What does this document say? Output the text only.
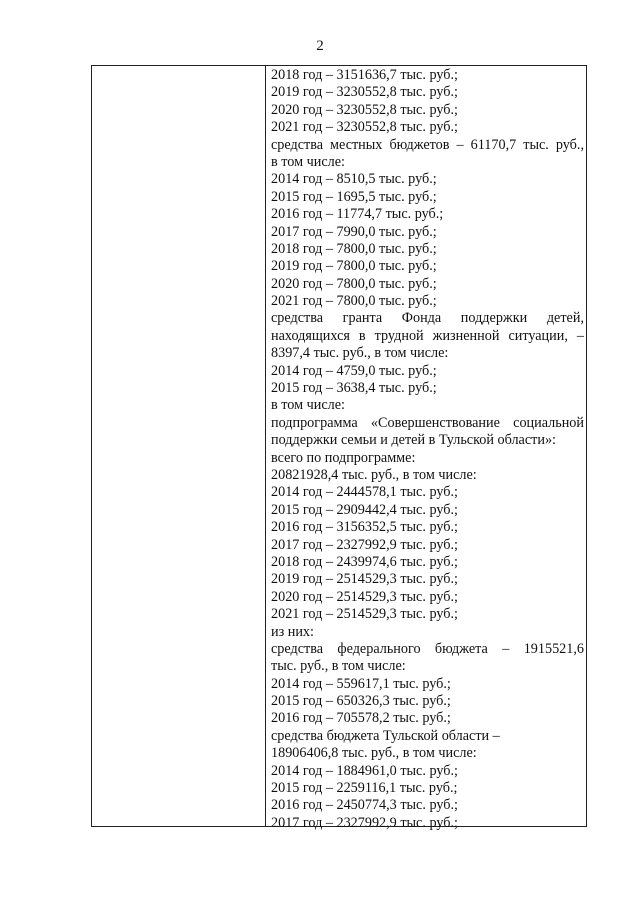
2
2018 год – 3151636,7 тыс. руб.;
2019 год – 3230552,8 тыс. руб.;
2020 год – 3230552,8 тыс. руб.;
2021 год – 3230552,8 тыс. руб.;
средства местных бюджетов – 61170,7 тыс. руб.,
в том числе:
2014 год – 8510,5 тыс. руб.;
2015 год – 1695,5 тыс. руб.;
2016 год – 11774,7 тыс. руб.;
2017 год – 7990,0 тыс. руб.;
2018 год – 7800,0 тыс. руб.;
2019 год – 7800,0 тыс. руб.;
2020 год – 7800,0 тыс. руб.;
2021 год – 7800,0 тыс. руб.;
средства гранта Фонда поддержки детей,
находящихся в трудной жизненной ситуации, –
8397,4 тыс. руб., в том числе:
2014 год – 4759,0 тыс. руб.;
2015 год – 3638,4 тыс. руб.;
в том числе:
подпрограмма «Совершенствование социальной
поддержки семьи и детей в Тульской области»:
всего по подпрограмме:
20821928,4 тыс. руб., в том числе:
2014 год – 2444578,1 тыс. руб.;
2015 год – 2909442,4 тыс. руб.;
2016 год – 3156352,5 тыс. руб.;
2017 год – 2327992,9 тыс. руб.;
2018 год – 2439974,6 тыс. руб.;
2019 год – 2514529,3 тыс. руб.;
2020 год – 2514529,3 тыс. руб.;
2021 год – 2514529,3 тыс. руб.;
из них:
средства федерального бюджета – 1915521,6
тыс. руб., в том числе:
2014 год – 559617,1 тыс. руб.;
2015 год – 650326,3 тыс. руб.;
2016 год – 705578,2 тыс. руб.;
средства бюджета Тульской области –
18906406,8 тыс. руб., в том числе:
2014 год – 1884961,0 тыс. руб.;
2015 год – 2259116,1 тыс. руб.;
2016 год – 2450774,3 тыс. руб.;
2017 год – 2327992,9 тыс. руб.;
